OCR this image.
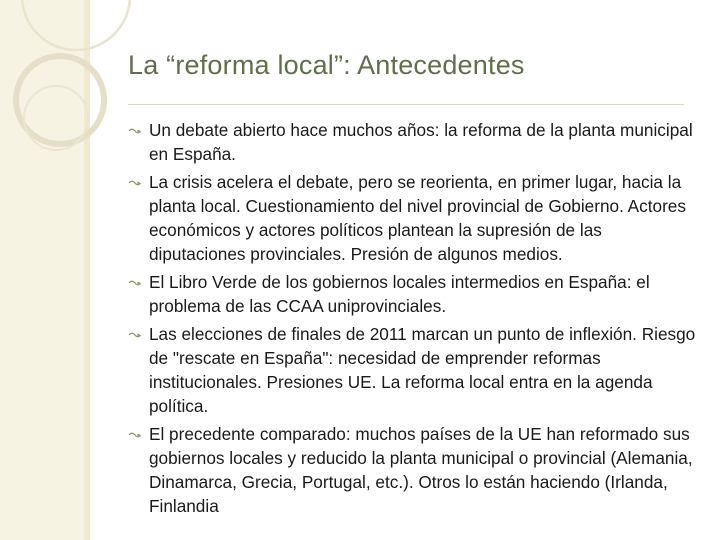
La “reforma local”: Antecedentes
Un debate abierto hace muchos años: la reforma de la planta municipal en España.
La crisis acelera el debate, pero se reorienta, en primer lugar, hacia la planta local. Cuestionamiento del nivel provincial de Gobierno. Actores económicos y actores políticos plantean la supresión de las diputaciones provinciales. Presión de algunos medios.
El Libro Verde de los gobiernos locales intermedios en España: el problema de las CCAA uniprovinciales.
Las elecciones de finales de 2011 marcan un punto de inflexión. Riesgo de "rescate en España": necesidad de emprender reformas institucionales. Presiones UE. La reforma local entra en la agenda política.
El precedente comparado: muchos países de la UE han reformado sus gobiernos locales y reducido la planta municipal o provincial (Alemania, Dinamarca, Grecia, Portugal, etc.). Otros lo están haciendo (Irlanda, Finlandia
